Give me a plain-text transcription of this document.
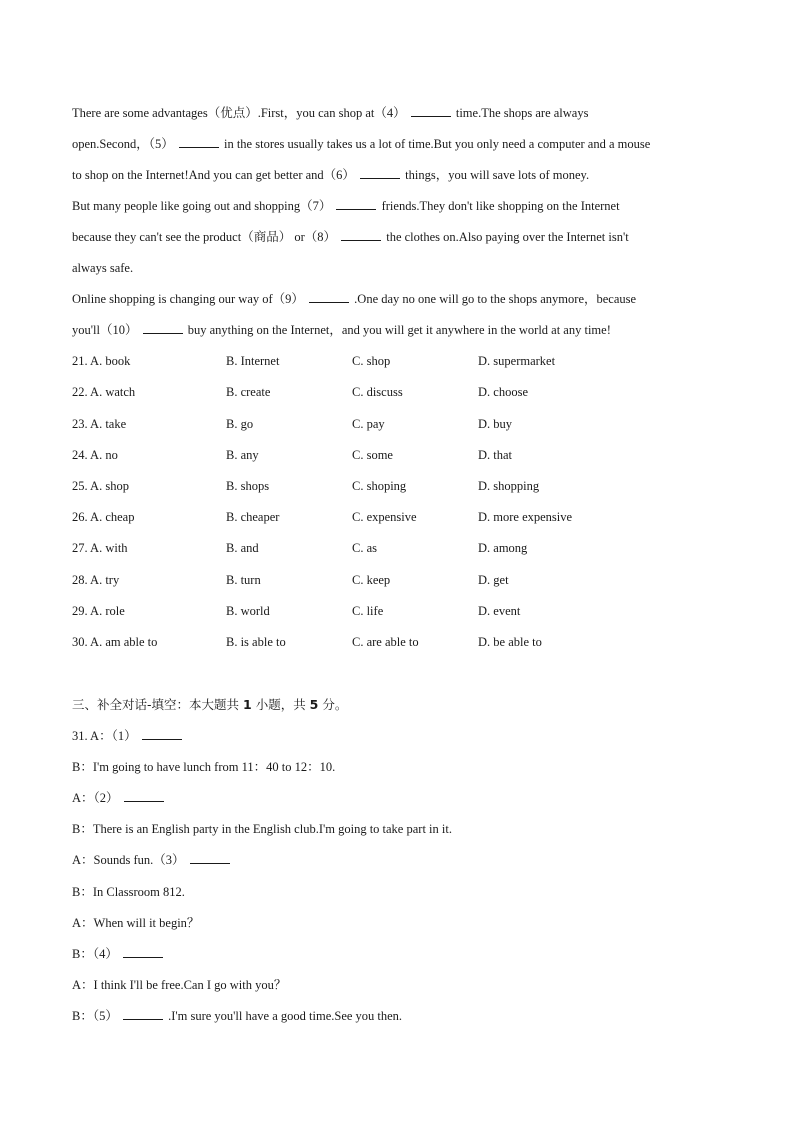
There are some advantages（优点）.First，you can shop at（4）	time.The shops are always
open.Second，（5）	in the stores usually takes us a lot of time.But you only need a computer and a mouse
to shop on the Internet!And you can get better and（6）	things，you will save lots of money.
But many people like going out and shopping（7）	friends.They don't like shopping on the Internet
because they can't see the product（商品） or（8）	the clothes on.Also paying over the Internet isn't
always safe.
Online shopping is changing our way of（9）	.One day no one will go to the shops anymore，because
you'll（10）	buy anything on the Internet，and you will get it anywhere in the world at any time!
21. A. book	B. Internet	C. shop	D. supermarket
22. A. watch	B. create	C. discuss	D. choose
23. A. take	B. go	C. pay	D. buy
24. A. no	B. any	C. some	D. that
25. A. shop	B. shops	C. shoping	D. shopping
26. A. cheap	B. cheaper	C. expensive	D. more expensive
27. A. with	B. and	C. as	D. among
28. A. try	B. turn	C. keep	D. get
29. A. role	B. world	C. life	D. event
30. A. am able to	B. is able to	C. are able to	D. be able to
三、补全对话-填空：本大题共 1 小题，共 5 分。
31. A：（1）
B：I'm going to have lunch from 11：40 to 12：10.
A：（2）
B：There is an English party in the English club.I'm going to take part in it.
A：Sounds fun.（3）
B：In Classroom 812.
A：When will it begin？
B：（4）
A：I think I'll be free.Can I go with you？
B：（5）	.I'm sure you'll have a good time.See you then.
